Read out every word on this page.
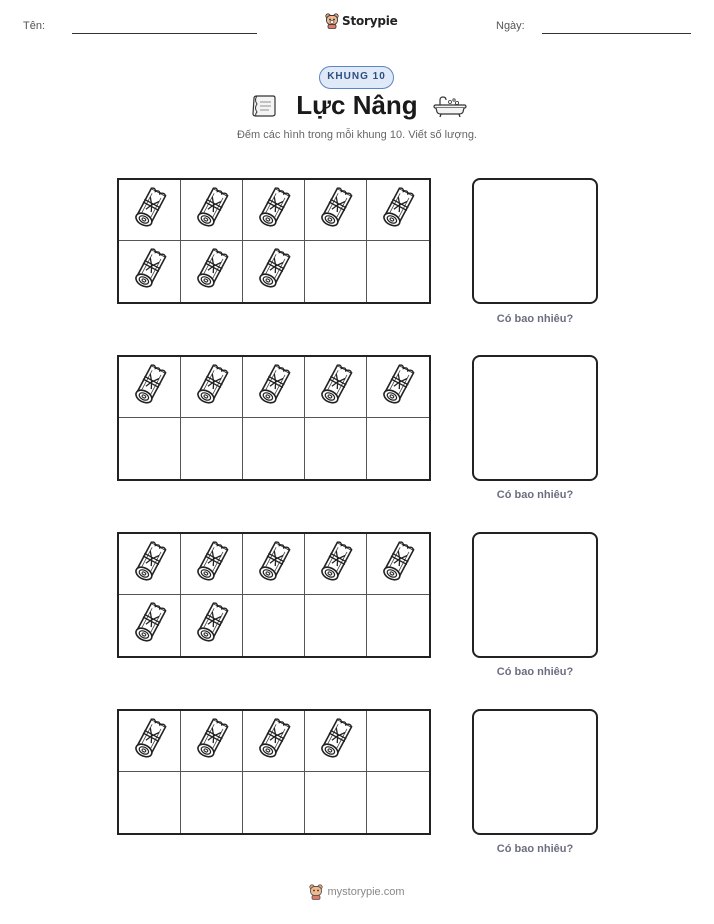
Tên:	Storypie	Ngày:
KHUNG 10
Lực Nâng
Đếm các hình trong mỗi khung 10. Viết số lượng.
Có bao nhiêu?
Có bao nhiêu?
Có bao nhiêu?
Có bao nhiêu?
mystorypie.com
